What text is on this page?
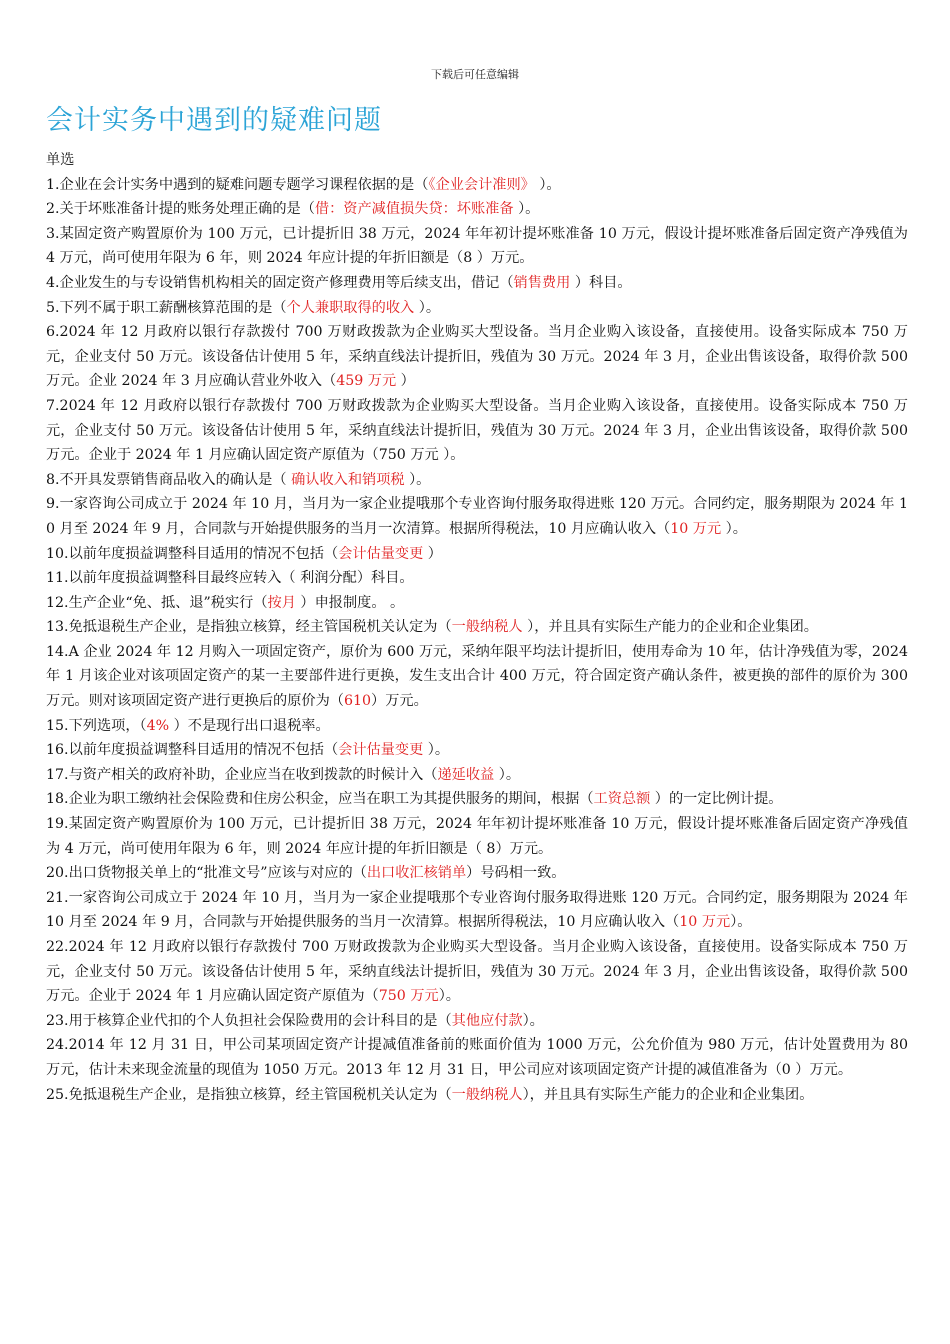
下载后可任意编辑
会计实务中遇到的疑难问题
单选
1.企业在会计实务中遇到的疑难问题专题学习课程依据的是（《企业会计准则》 ）。
2.关于坏账准备计提的账务处理正确的是（借：资产减值损失贷：坏账准备 ）。
3.某固定资产购置原价为 100 万元，已计提折旧 38 万元，2024 年年初计提坏账准备 10 万元，假设计提坏账准备后固定资产净残值为 4 万元，尚可使用年限为 6 年，则 2024 年应计提的年折旧额是（8 ）万元。
4.企业发生的与专设销售机构相关的固定资产修理费用等后续支出，借记（销售费用 ）科目。
5.下列不属于职工薪酬核算范围的是（个人兼职取得的收入 ）。
6.2024 年 12 月政府以银行存款拨付 700 万财政拨款为企业购买大型设备。当月企业购入该设备，直接使用。设备实际成本 750 万元，企业支付 50 万元。该设备估计使用 5 年，采纳直线法计提折旧，残值为 30 万元。2024 年 3 月，企业出售该设备，取得价款 500 万元。企业 2024 年 3 月应确认营业外收入（459 万元 ）
7.2024 年 12 月政府以银行存款拨付 700 万财政拨款为企业购买大型设备。当月企业购入该设备，直接使用。设备实际成本 750 万元，企业支付 50 万元。该设备估计使用 5 年，采纳直线法计提折旧，残值为 30 万元。2024 年 3 月，企业出售该设备，取得价款 500 万元。企业于 2024 年 1 月应确认固定资产原值为（750 万元 ）。
8.不开具发票销售商品收入的确认是（ 确认收入和销项税 ）。
9.一家咨询公司成立于 2024 年 10 月，当月为一家企业提哦那个专业咨询付服务取得进账 120 万元。合同约定，服务期限为 2024 年 10 月至 2024 年 9 月，合同款与开始提供服务的当月一次清算。根据所得税法，10 月应确认收入（10 万元 ）。
10.以前年度损益调整科目适用的情况不包括（会计估量变更 ）
11.以前年度损益调整科目最终应转入（ 利润分配）科目。
12.生产企业“免、抵、退”税实行（按月 ）申报制度。 。
13.免抵退税生产企业，是指独立核算，经主管国税机关认定为（一般纳税人 ），并且具有实际生产能力的企业和企业集团。
14.A 企业 2024 年 12 月购入一项固定资产，原价为 600 万元，采纳年限平均法计提折旧，使用寿命为 10 年，估计净残值为零，2024 年 1 月该企业对该项固定资产的某一主要部件进行更换，发生支出合计 400 万元，符合固定资产确认条件，被更换的部件的原价为 300 万元。则对该项固定资产进行更换后的原价为（610）万元。
15.下列选项，（4% ）不是现行出口退税率。
16.以前年度损益调整科目适用的情况不包括（会计估量变更 ）。
17.与资产相关的政府补助，企业应当在收到拨款的时候计入（递延收益 ）。
18.企业为职工缴纳社会保险费和住房公积金，应当在职工为其提供服务的期间，根据（工资总额 ）的一定比例计提。
19.某固定资产购置原价为 100 万元，已计提折旧 38 万元，2024 年年初计提坏账准备 10 万元，假设计提坏账准备后固定资产净残值为 4 万元，尚可使用年限为 6 年，则 2024 年应计提的年折旧额是（ 8）万元。
20.出口货物报关单上的“批准文号”应该与对应的（出口收汇核销单）号码相一致。
21.一家咨询公司成立于 2024 年 10 月，当月为一家企业提哦那个专业咨询付服务取得进账 120 万元。合同约定，服务期限为 2024 年 10 月至 2024 年 9 月，合同款与开始提供服务的当月一次清算。根据所得税法，10 月应确认收入（10 万元）。
22.2024 年 12 月政府以银行存款拨付 700 万财政拨款为企业购买大型设备。当月企业购入该设备，直接使用。设备实际成本 750 万元，企业支付 50 万元。该设备估计使用 5 年，采纳直线法计提折旧，残值为 30 万元。2024 年 3 月，企业出售该设备，取得价款 500 万元。企业于 2024 年 1 月应确认固定资产原值为（750 万元）。
23.用于核算企业代扣的个人负担社会保险费用的会计科目的是（其他应付款）。
24.2014 年 12 月 31 日，甲公司某项固定资产计提减值准备前的账面价值为 1000 万元，公允价值为 980 万元，估计处置费用为 80 万元，估计未来现金流量的现值为 1050 万元。2013 年 12 月 31 日，甲公司应对该项固定资产计提的减值准备为（0 ）万元。
25.免抵退税生产企业，是指独立核算，经主管国税机关认定为（一般纳税人），并且具有实际生产能力的企业和企业集团。
